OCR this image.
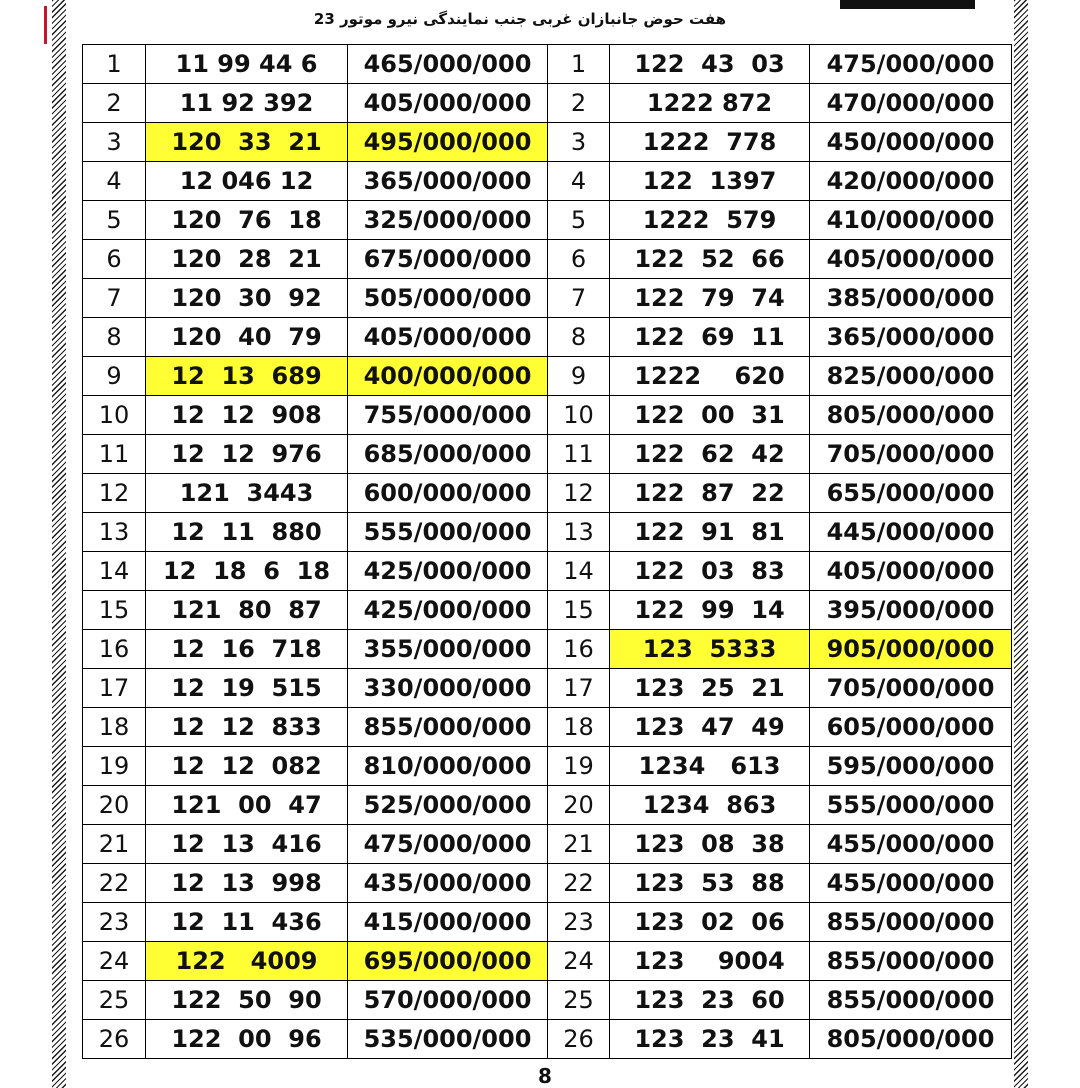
هفت حوض جانبازان غربی جنب نمایندگی نیرو موتور 23
1	11 99 44 6	465/000/000	1	122  43  03	475/000/000
2	11 92 392	405/000/000	2	1222 872	470/000/000
3	120  33  21	495/000/000	3	1222  778	450/000/000
4	12 046 12	365/000/000	4	122  1397	420/000/000
5	120  76  18	325/000/000	5	1222  579	410/000/000
6	120  28  21	675/000/000	6	122  52  66	405/000/000
7	120  30  92	505/000/000	7	122  79  74	385/000/000
8	120  40  79	405/000/000	8	122  69  11	365/000/000
9	12  13  689	400/000/000	9	1222    620	825/000/000
10	12  12  908	755/000/000	10	122  00  31	805/000/000
11	12  12  976	685/000/000	11	122  62  42	705/000/000
12	121  3443	600/000/000	12	122  87  22	655/000/000
13	12  11  880	555/000/000	13	122  91  81	445/000/000
14	12  18  6  18	425/000/000	14	122  03  83	405/000/000
15	121  80  87	425/000/000	15	122  99  14	395/000/000
16	12  16  718	355/000/000	16	123  5333	905/000/000
17	12  19  515	330/000/000	17	123  25  21	705/000/000
18	12  12  833	855/000/000	18	123  47  49	605/000/000
19	12  12  082	810/000/000	19	1234   613	595/000/000
20	121  00  47	525/000/000	20	1234  863	555/000/000
21	12  13  416	475/000/000	21	123  08  38	455/000/000
22	12  13  998	435/000/000	22	123  53  88	455/000/000
23	12  11  436	415/000/000	23	123  02  06	855/000/000
24	122   4009	695/000/000	24	123    9004	855/000/000
25	122  50  90	570/000/000	25	123  23  60	855/000/000
26	122  00  96	535/000/000	26	123  23  41	805/000/000
8
